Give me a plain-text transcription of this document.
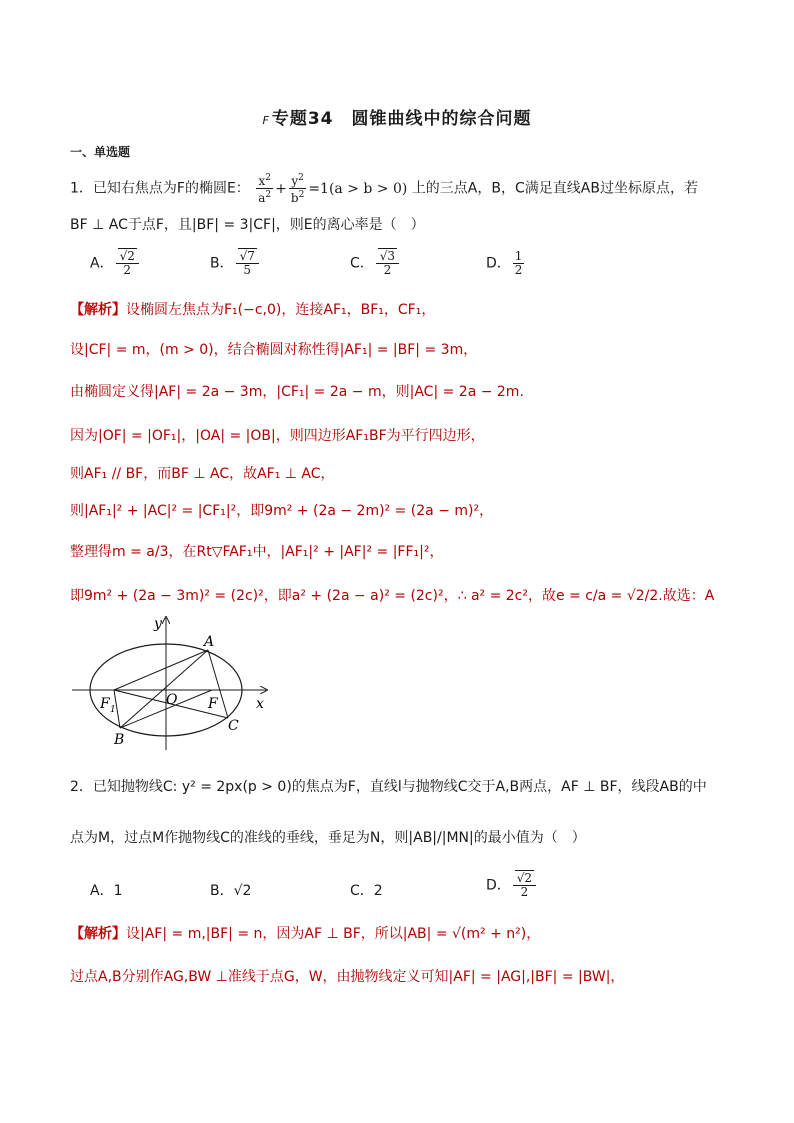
F 专题34　圆锥曲线中的综合问题
一、单选题
1．已知右焦点为F的椭圆E： $\frac{x^2}{a^2} + \frac{y^2}{b^2} =1(a > b > 0)$ 上的三点A，B，C满足直线AB过坐标原点，若
BF ⊥ AC于点F，且|BF| = 3|CF|，则E的离心率是（　）
A． $\frac{√2}{2}$	B． $\frac{√7}{5}$	C． $\frac{√3}{2}$	D． $\frac{1}{2}$
【解析】设椭圆左焦点为F₁(−c,0)，连接AF₁，BF₁，CF₁，
设|CF| = m，(m > 0)，结合椭圆对称性得|AF₁| = |BF| = 3m，
由椭圆定义得|AF| = 2a − 3m，|CF₁| = 2a − m，则|AC| = 2a − 2m.
因为|OF| = |OF₁|，|OA| = |OB|，则四边形AF₁BF为平行四边形，
则AF₁ // BF，而BF ⊥ AC，故AF₁ ⊥ AC，
则|AF₁|² + |AC|² = |CF₁|²，即9m² + (2a − 2m)² = (2a − m)²，
整理得m = a/3，在Rt▽FAF₁中，|AF₁|² + |AF|² = |FF₁|²，
即9m² + (2a − 3m)² = (2c)²，即a² + (2a − a)² = (2c)²，∴ a² = 2c²，故e = c/a = √2/2.故选：A
y
x
A
O
F 1	F
C
B
2．已知抛物线C: y² = 2px(p > 0)的焦点为F，直线l与抛物线C交于A,B两点，AF ⊥ BF，线段AB的中
点为M，过点M作抛物线C的准线的垂线，垂足为N，则|AB|/|MN|的最小值为（　）
A．1	B．√2	C．2	D． $\frac{√2}{2}$
【解析】设|AF| = m,|BF| = n，因为AF ⊥ BF，所以|AB| = √(m² + n²)，
过点A,B分别作AG,BW ⊥准线于点G，W，由抛物线定义可知|AF| = |AG|,|BF| = |BW|，
